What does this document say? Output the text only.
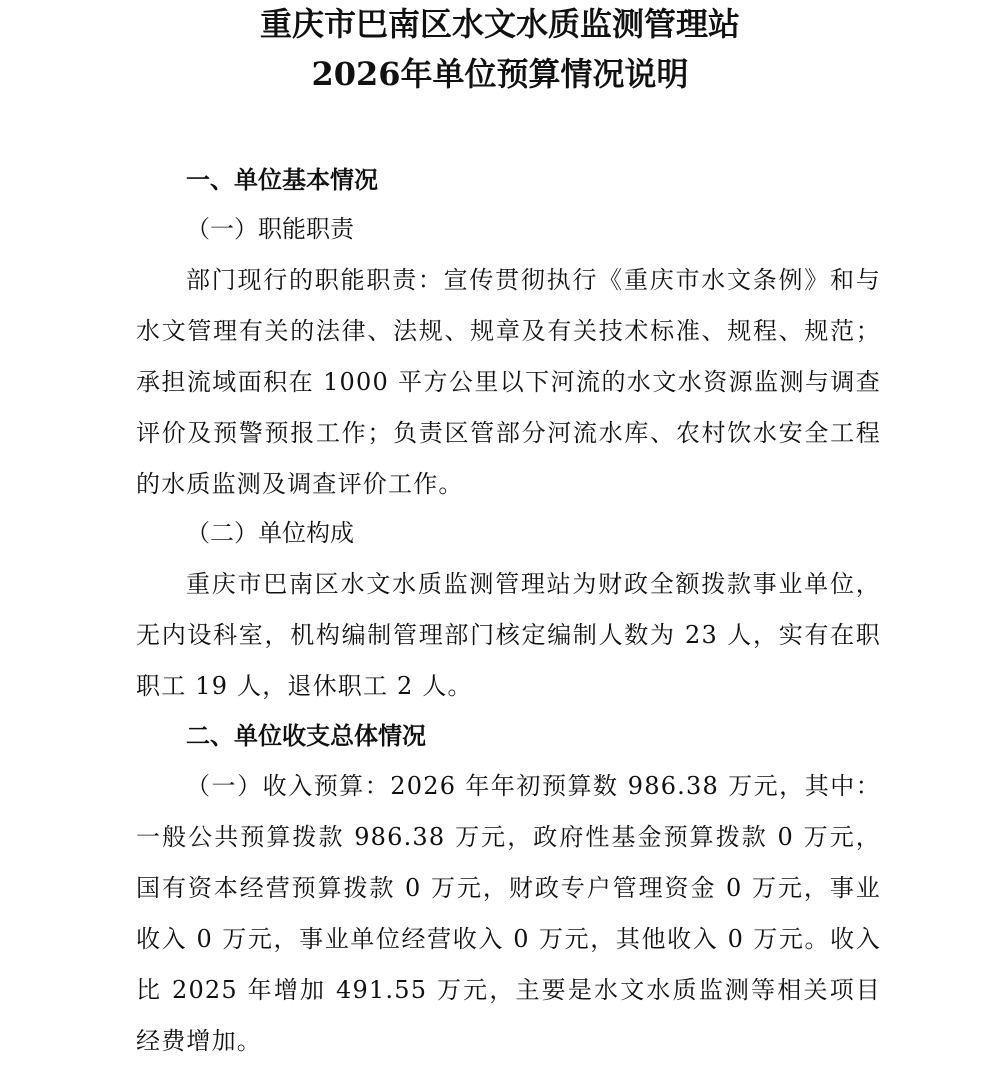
重庆市巴南区水文水质监测管理站
2026年单位预算情况说明
一、单位基本情况
（一）职能职责

部门现行的职能职责：宣传贯彻执行《重庆市水文条例》和与水文管理有关的法律、法规、规章及有关技术标准、规程、规范；承担流域面积在 1000 平方公里以下河流的水文水资源监测与调查评价及预警预报工作；负责区管部分河流水库、农村饮水安全工程的水质监测及调查评价工作。

（二）单位构成

重庆市巴南区水文水质监测管理站为财政全额拨款事业单位，无内设科室，机构编制管理部门核定编制人数为 23 人，实有在职职工 19 人，退休职工 2 人。

二、单位收支总体情况

（一）收入预算：2026 年年初预算数 986.38 万元，其中：一般公共预算拨款 986.38 万元，政府性基金预算拨款 0 万元，国有资本经营预算拨款 0 万元，财政专户管理资金 0 万元，事业收入 0 万元，事业单位经营收入 0 万元，其他收入 0 万元。收入比 2025 年增加 491.55 万元，主要是水文水质监测等相关项目经费增加。
